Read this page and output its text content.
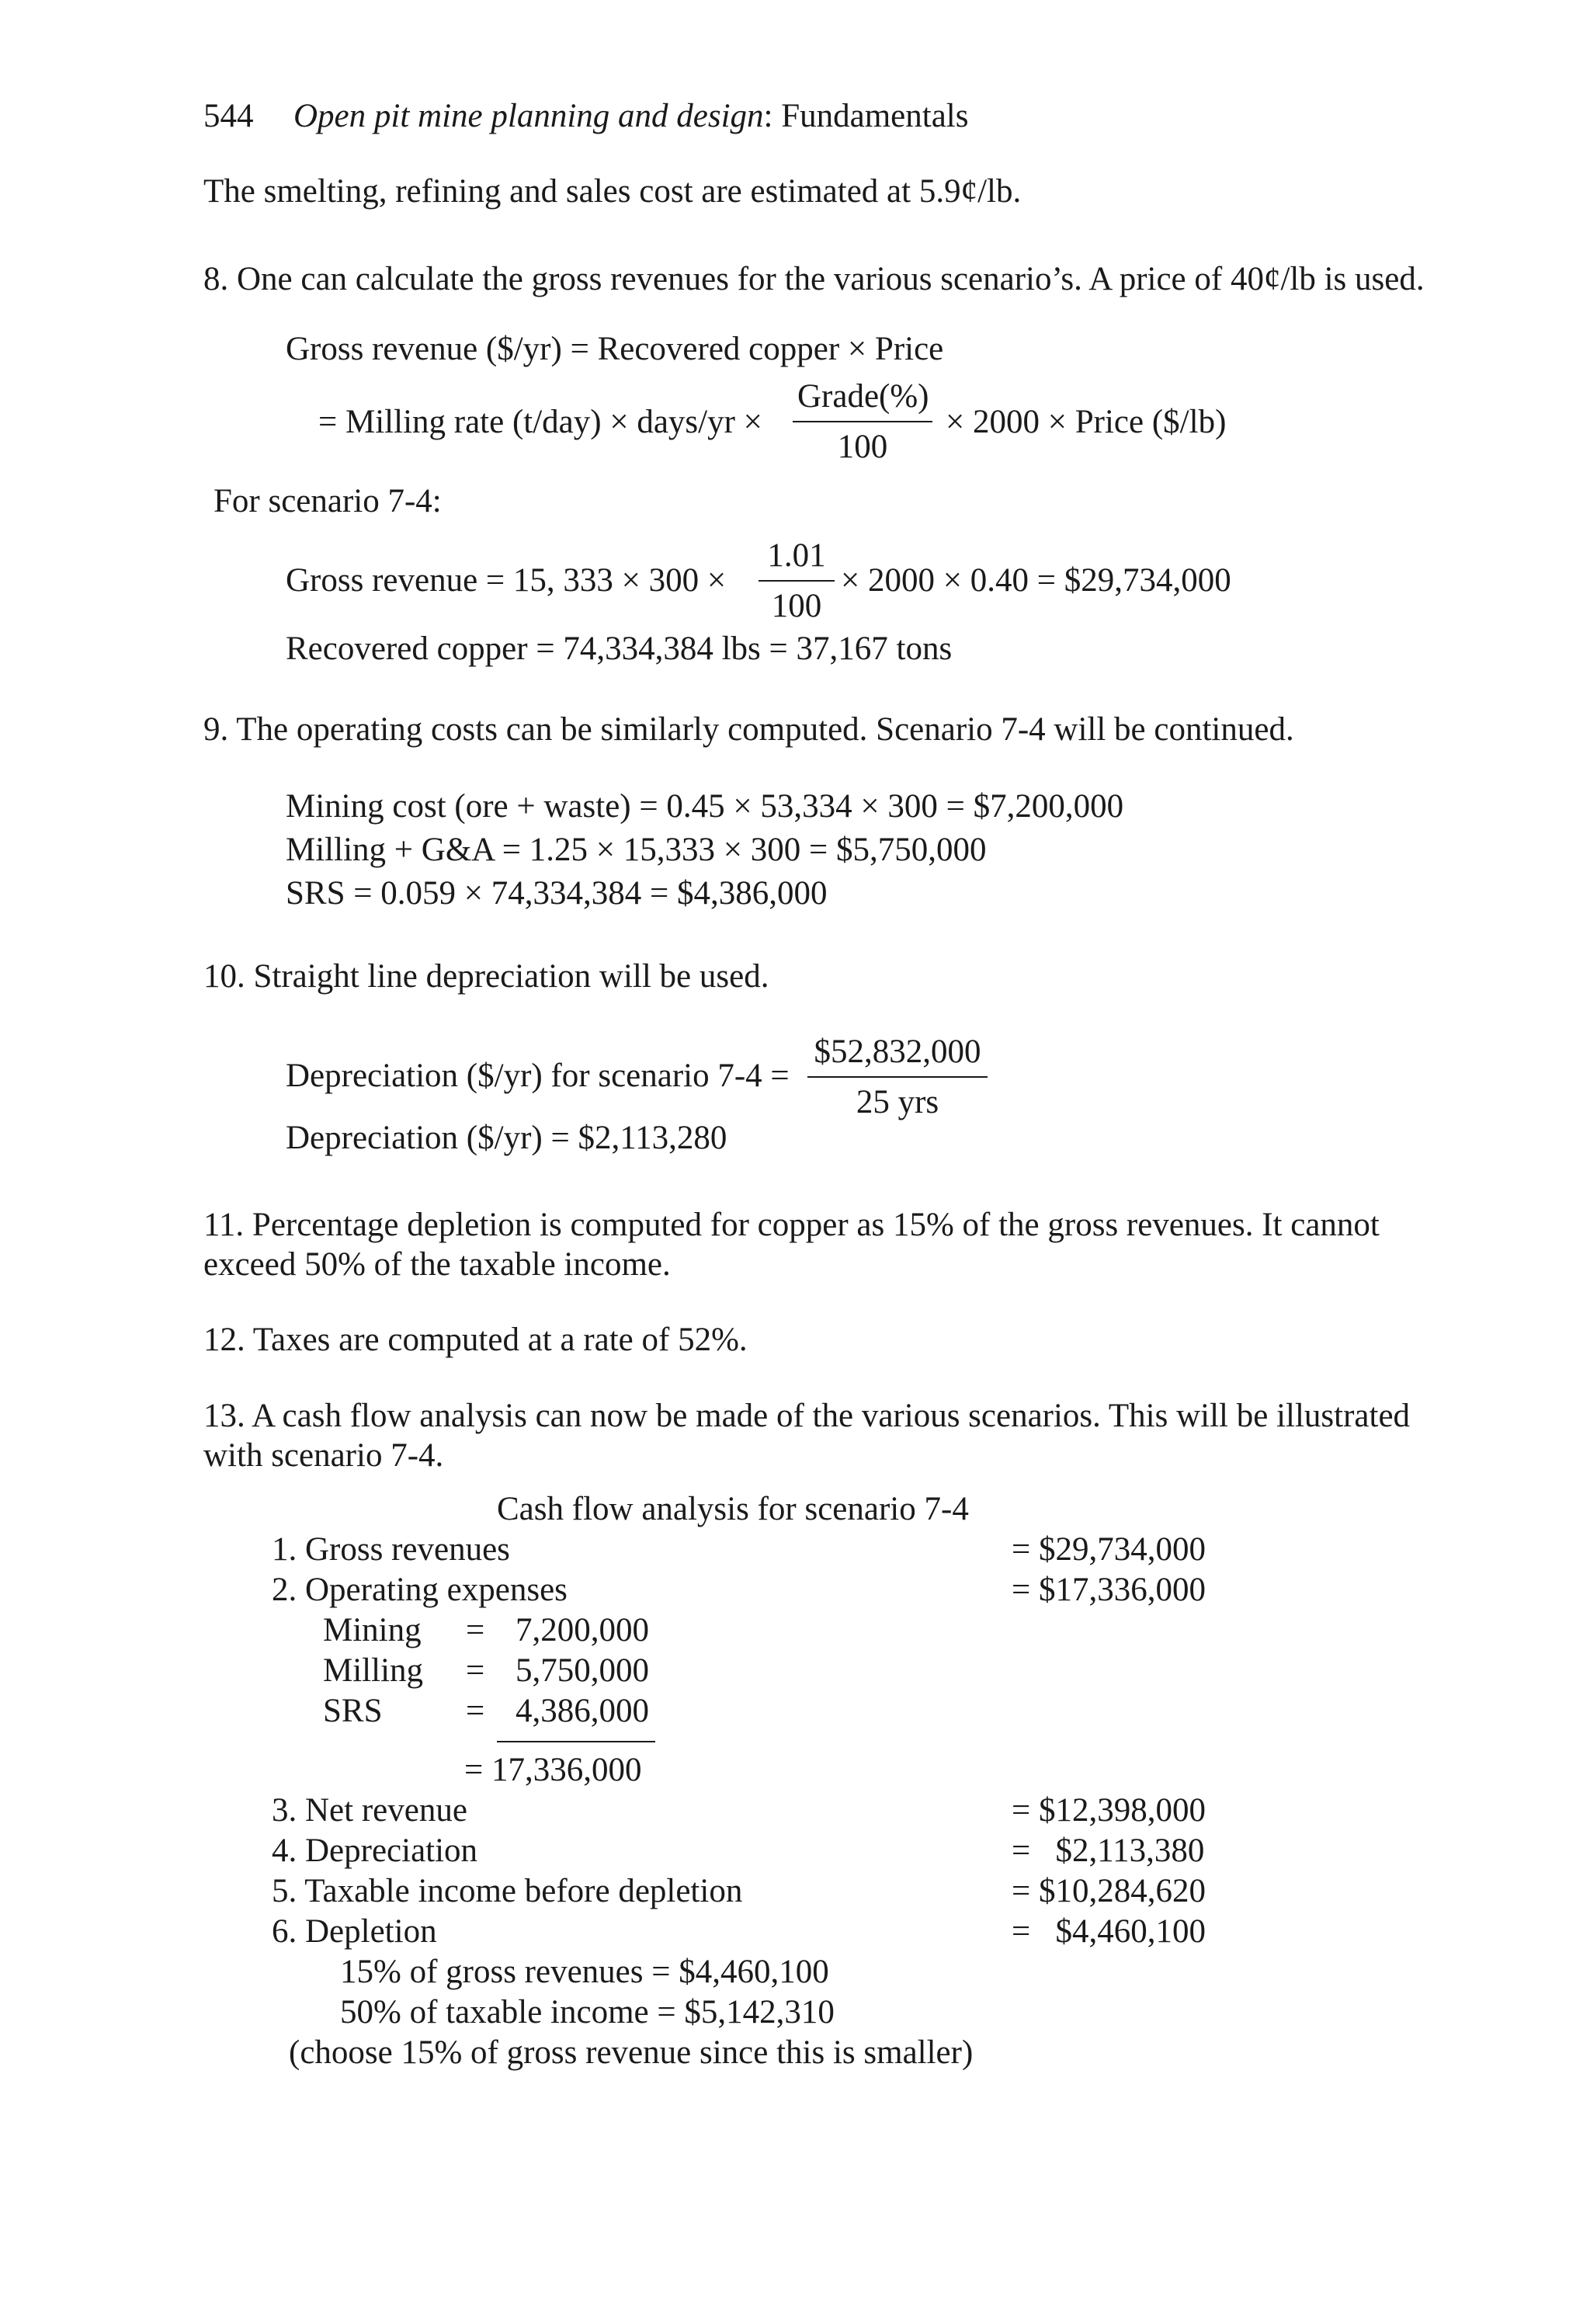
544 Open pit mine planning and design: Fundamentals
The smelting, refining and sales cost are estimated at 5.9¢/lb.
8. One can calculate the gross revenues for the various scenario’s. A price of 40¢/lb is used.
Gross revenue ($/yr) = Recovered copper × Price
= Milling rate (t/day) × days/yr ×
Grade(%)
100
× 2000 × Price ($/lb)
For scenario 7-4:
Gross revenue = 15, $333 \times 300 \times \frac{1.01}{100} \times 2000 \times 0.40$ = $29,734,000
Recovered copper = 74,334,384 lbs = 37,167 tons
9. The operating costs can be similarly computed. Scenario 7-4 will be continued.
Mining cost (ore + waste) = 0.45 × 53,334 × 300 = $7,200,000
Milling + G&A = 1.25 × 15,333 × 300 = $5,750,000
SRS = 0.059 × 74,334,384 = $4,386,000
10. Straight line depreciation will be used.
Depreciation ($/yr) for scenario 7-4 =
$52,832,000
25 yrs
Depreciation ($/yr) = $2,113,280
11. Percentage depletion is computed for copper as 15% of the gross revenues. It cannot
exceed 50% of the taxable income.
12. Taxes are computed at a rate of 52%.
13. A cash flow analysis can now be made of the various scenarios. This will be illustrated
with scenario 7-4.
Cash flow analysis for scenario 7-4
1. Gross revenues	= $29,734,000
2. Operating expenses	= $17,336,000
Mining = 7,200,000
Milling = 5,750,000
SRS = 4,386,000
= 17,336,000
3. Net revenue	= $12,398,000
4. Depreciation	=   $2,113,380
5. Taxable income before depletion	= $10,284,620
6. Depletion	=   $4,460,100
15% of gross revenues = $4,460,100
50% of taxable income = $5,142,310
(choose 15% of gross revenue since this is smaller)
